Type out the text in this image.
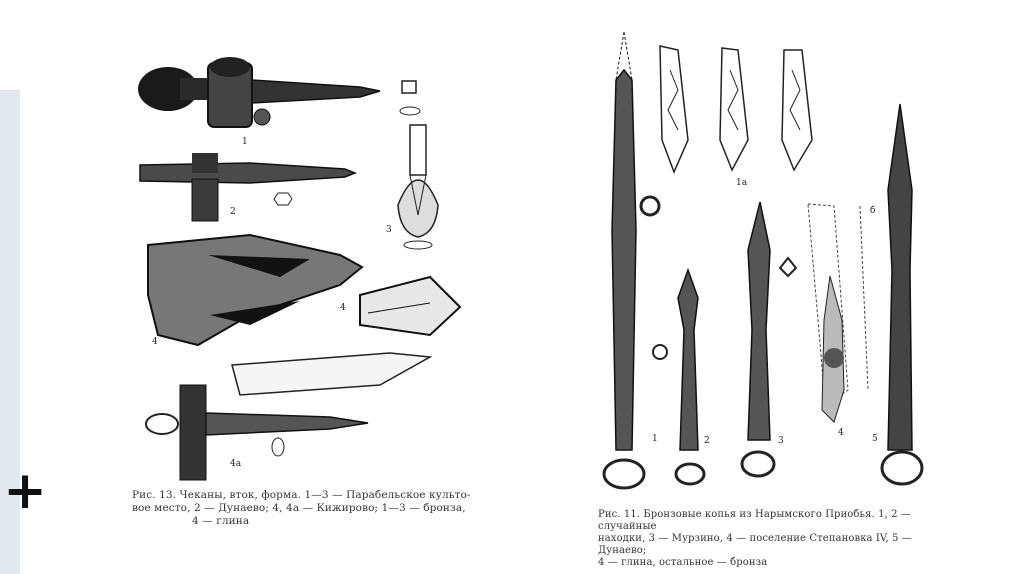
+
1
2
3
4
4
4а
Рис. 13. Чеканы, вток, форма. 1—3 — Парабельское культо-
вое место, 2 — Дунаево; 4, 4а — Кижирово; 1—3 — бронза,
4 — глина
1
1а
2	3
4
5
б
Рис. 11. Бронзовые копья из Нарымского Приобья. 1, 2 — случайные
находки, 3 — Мурзино, 4 — поселение Степановка IV, 5 — Дунаево;
4 — глина, остальное — бронза
